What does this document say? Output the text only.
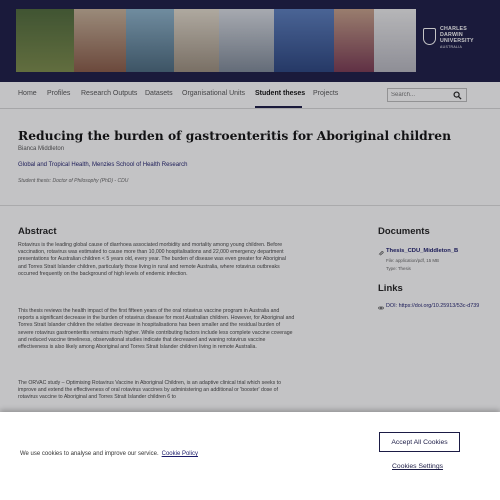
CHARLES
DARWIN
UNIVERSITY
AUSTRALIA
Home Profiles Research Outputs Datasets Organisational Units Student theses Projects
Search...
Reducing the burden of gastroenteritis for Aboriginal children
Bianca Middleton
Global and Tropical Health, Menzies School of Health Research
Student thesis: Doctor of Philosophy (PhD) - CDU
Abstract

Rotavirus is the leading global cause of diarrhoea associated morbidity and mortality among young children. Before vaccination, rotavirus was estimated to cause more than 10,000 hospitalisations and 22,000 emergency department presentations for Australian children < 5 years old, every year. The burden of disease was even greater for Aboriginal and Torres Strait Islander children, particularly those living in rural and remote Australia, where rotavirus outbreaks occurred frequently on the background of high levels of endemic infection.

This thesis reviews the health impact of the first fifteen years of the oral rotavirus vaccine program in Australia and reports a significant decrease in the burden of rotavirus disease for most Australian children. However, for Aboriginal and Torres Strait Islander children the relative decrease in hospitalisations has been smaller and the residual burden of severe rotavirus gastroenteritis remains much higher. While contributing factors include less complete vaccine coverage and reduced vaccine timeliness, observational studies indicate that decreased and waning rotavirus vaccine effectiveness is also likely among Aboriginal and Torres Strait Islander children living in remote Australia.

The ORVAC study – Optimising Rotavirus Vaccine in Aboriginal Children, is an adaptive clinical trial which seeks to improve and extend the effectiveness of oral rotavirus vaccines by administering an additional or 'booster' dose of rotavirus vaccine to Aboriginal and Torres Strait Islander children 6 to

Documents
Thesis_CDU_Middleton_B
File: application/pdf, 15 MB
Type: Thesis
Links
DOI: https://doi.org/10.25913/53c-d739
We use cookies to analyse and improve our service. Cookie Policy
Accept All Cookies
Cookies Settings
